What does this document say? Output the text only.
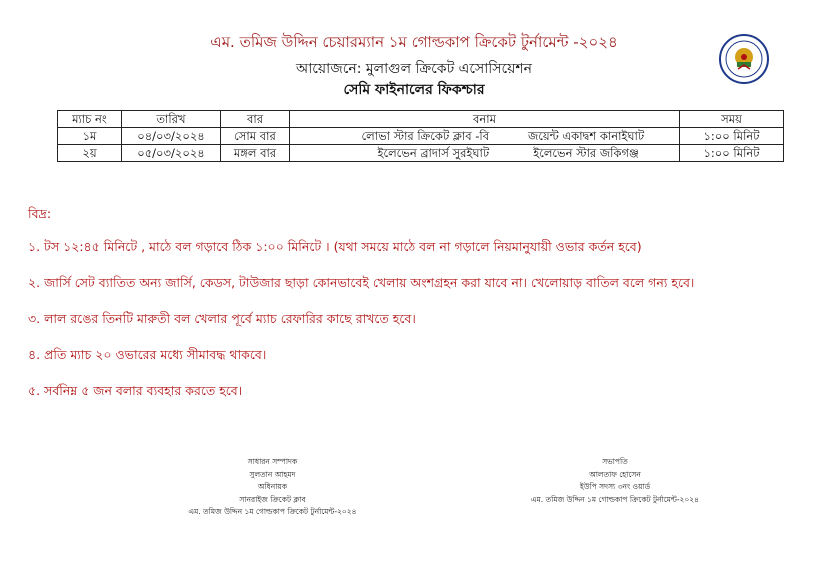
এম. তমিজ উদ্দিন চেয়ারম্যান ১ম গোল্ডকাপ ক্রিকেট টুর্নামেন্ট -২০২৪
আয়োজনে: মুলাগুল ক্রিকেট এসোসিয়েশন
সেমি ফাইনালের ফিকশ্চার
ম্যাচ নং	তারিখ	বার	বনাম		সময়
১ম	০৪/০৩/২০২৪	সোম বার	লোভা স্টার ক্রিকেট ক্লাব -বি	জয়েন্ট একাদ্বশ কানাইঘাট	১:০০ মিনিট
২য়	০৫/০৩/২০২৪	মঙ্গল বার	ইলেভেন ব্রাদার্স সুরইঘাট	ইলেভেন স্টার জকিগঞ্জ	১:০০ মিনিট
বিদ্র:
১. টস ১২:৪৫ মিনিটে , মাঠে বল গড়াবে ঠিক ১:০০ মিনিটে । (যথা সময়ে মাঠে বল না গড়ালে নিয়মানুযায়ী ওভার কর্তন হবে)
২. জার্সি সেট ব্যাতিত অন্য জার্সি, কেডস, টাউজার ছাড়া কোনভাবেই খেলায় অংশগ্রহন করা যাবে না। খেলোয়াড় বাতিল বলে গন্য হবে।
৩. লাল রঙের তিনটি মারুতী বল খেলার পূর্বে ম্যাচ রেফারির কাছে রাখতে হবে।
৪. প্রতি ম্যাচ ২০ ওভারের মধ্যে সীমাবদ্ধ থাকবে।
৫. সর্বনিম্ন ৫ জন বলার ব্যবহার করতে হবে।
সাধারন সম্পাদক
সুলতান আহমদ
অধিনায়ক
সানরাইজ ক্রিকেট ক্লাব
এম. তমিজ উদ্দিন ১ম গোল্ডকাপ ক্রিকেট টুর্নামেন্ট-২০২৪
সভাপতি
আলতাফ হোসেন
ইউপি সদস্য ৩নং ওয়ার্ড
এম. তমিজ উদ্দিন ১ম গোল্ডকাপ ক্রিকেট টুর্নামেন্ট-২০২৪
